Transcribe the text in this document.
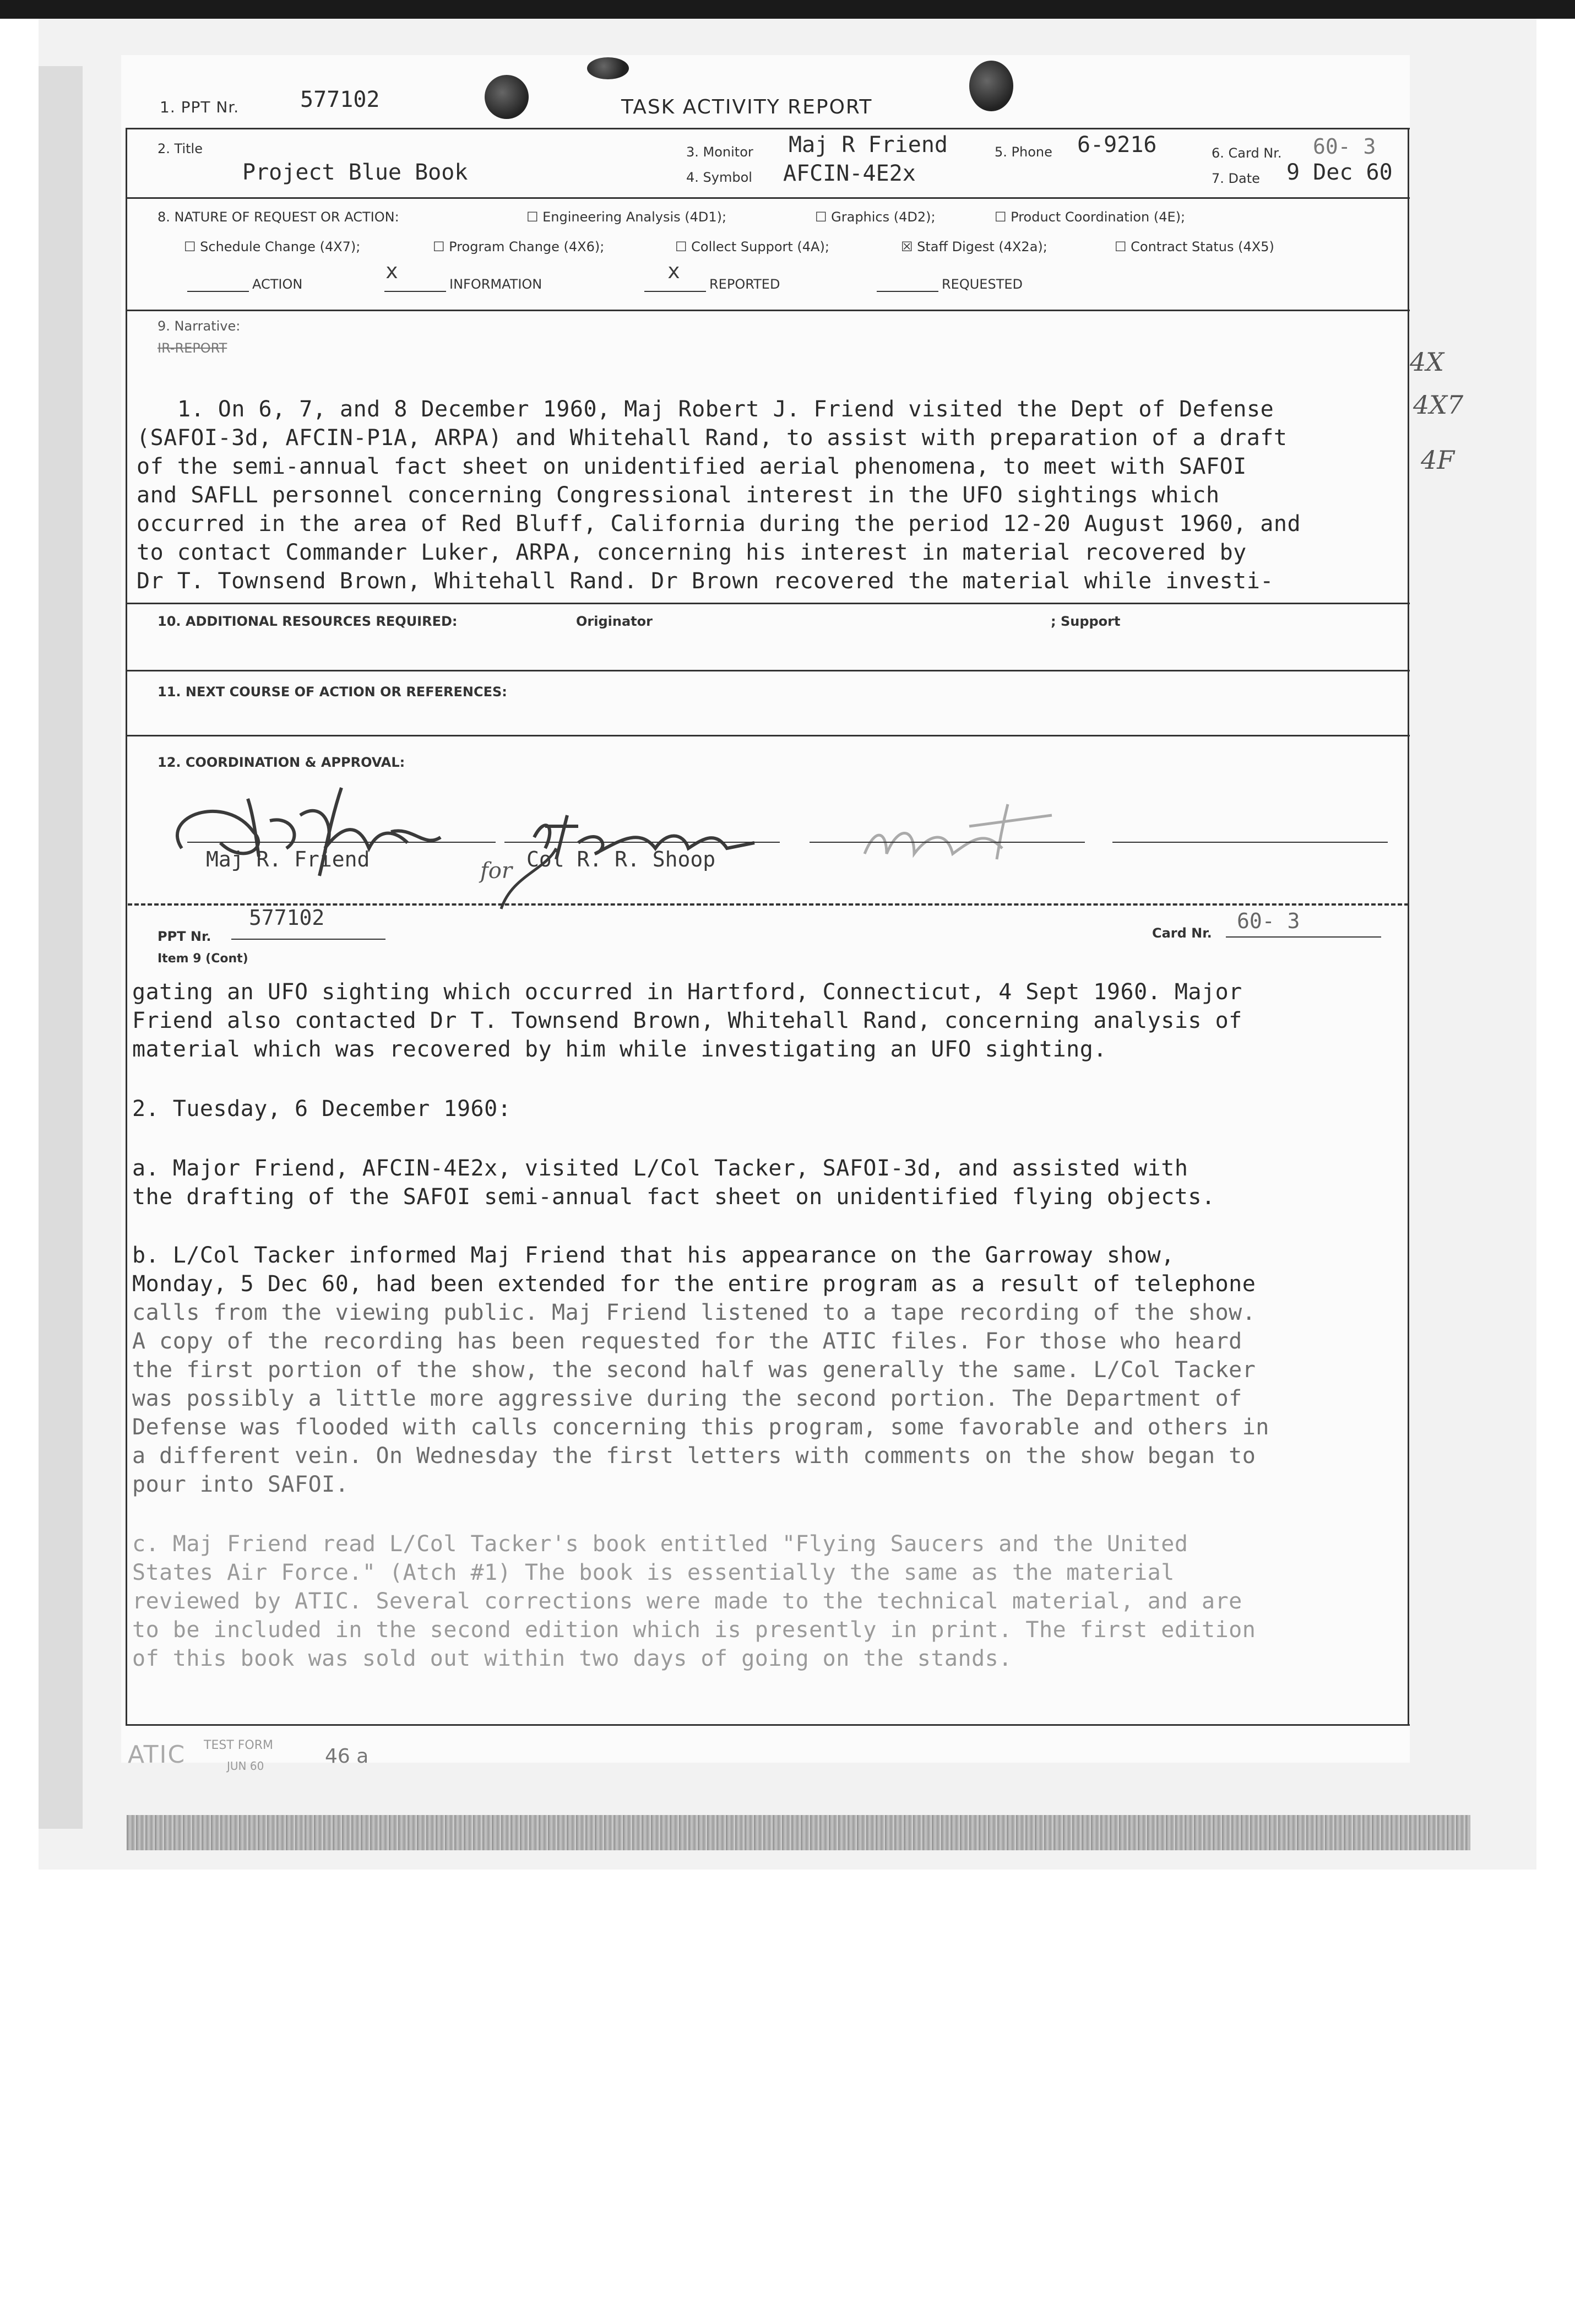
1. PPT Nr.	577102	TASK ACTIVITY REPORT
2. Title
Project Blue Book
3. Monitor Maj R Friend
4. Symbol AFCIN-4E2x
5. Phone 6-9216	6. Card Nr. 60- 3
7. Date 9 Dec 60
8. NATURE OF REQUEST OR ACTION:	☐ Engineering Analysis (4D1);	☐ Graphics (4D2);	☐ Product Coordination (4E);
☐ Schedule Change (4X7);	☐ Program Change (4X6);	☐ Collect Support (4A);	☒ Staff Digest (4X2a);	☐ Contract Status (4X5)
ACTION
x
INFORMATION
x
REPORTED	REQUESTED
9. Narrative:
IR-REPORT	4X
4X7
4F
1. On 6, 7, and 8 December 1960, Maj Robert J. Friend visited the Dept of Defense
(SAFOI-3d, AFCIN-P1A, ARPA) and Whitehall Rand, to assist with preparation of a draft
of the semi-annual fact sheet on unidentified aerial phenomena, to meet with SAFOI
and SAFLL personnel concerning Congressional interest in the UFO sightings which
occurred in the area of Red Bluff, California during the period 12-20 August 1960, and
to contact Commander Luker, ARPA, concerning his interest in material recovered by
Dr T. Townsend Brown, Whitehall Rand. Dr Brown recovered the material while investi-
10. ADDITIONAL RESOURCES REQUIRED:	Originator	; Support
11. NEXT COURSE OF ACTION OR REFERENCES:
12. COORDINATION & APPROVAL:
Maj R. Friend	Col R. R. Shoop
for
PPT Nr.
577102
Card Nr. 60- 3
Item 9 (Cont)
gating an UFO sighting which occurred in Hartford, Connecticut, 4 Sept 1960. Major
Friend also contacted Dr T. Townsend Brown, Whitehall Rand, concerning analysis of
material which was recovered by him while investigating an UFO sighting.
2. Tuesday, 6 December 1960:
a. Major Friend, AFCIN-4E2x, visited L/Col Tacker, SAFOI-3d, and assisted with
the drafting of the SAFOI semi-annual fact sheet on unidentified flying objects.
b. L/Col Tacker informed Maj Friend that his appearance on the Garroway show,
Monday, 5 Dec 60, had been extended for the entire program as a result of telephone
calls from the viewing public. Maj Friend listened to a tape recording of the show.
A copy of the recording has been requested for the ATIC files. For those who heard
the first portion of the show, the second half was generally the same. L/Col Tacker
was possibly a little more aggressive during the second portion. The Department of
Defense was flooded with calls concerning this program, some favorable and others in
a different vein. On Wednesday the first letters with comments on the show began to
pour into SAFOI.
c. Maj Friend read L/Col Tacker's book entitled "Flying Saucers and the United
States Air Force." (Atch #1) The book is essentially the same as the material
reviewed by ATIC. Several corrections were made to the technical material, and are
to be included in the second edition which is presently in print. The first edition
of this book was sold out within two days of going on the stands.
ATIC TEST FORM
JUN 60	46 a
